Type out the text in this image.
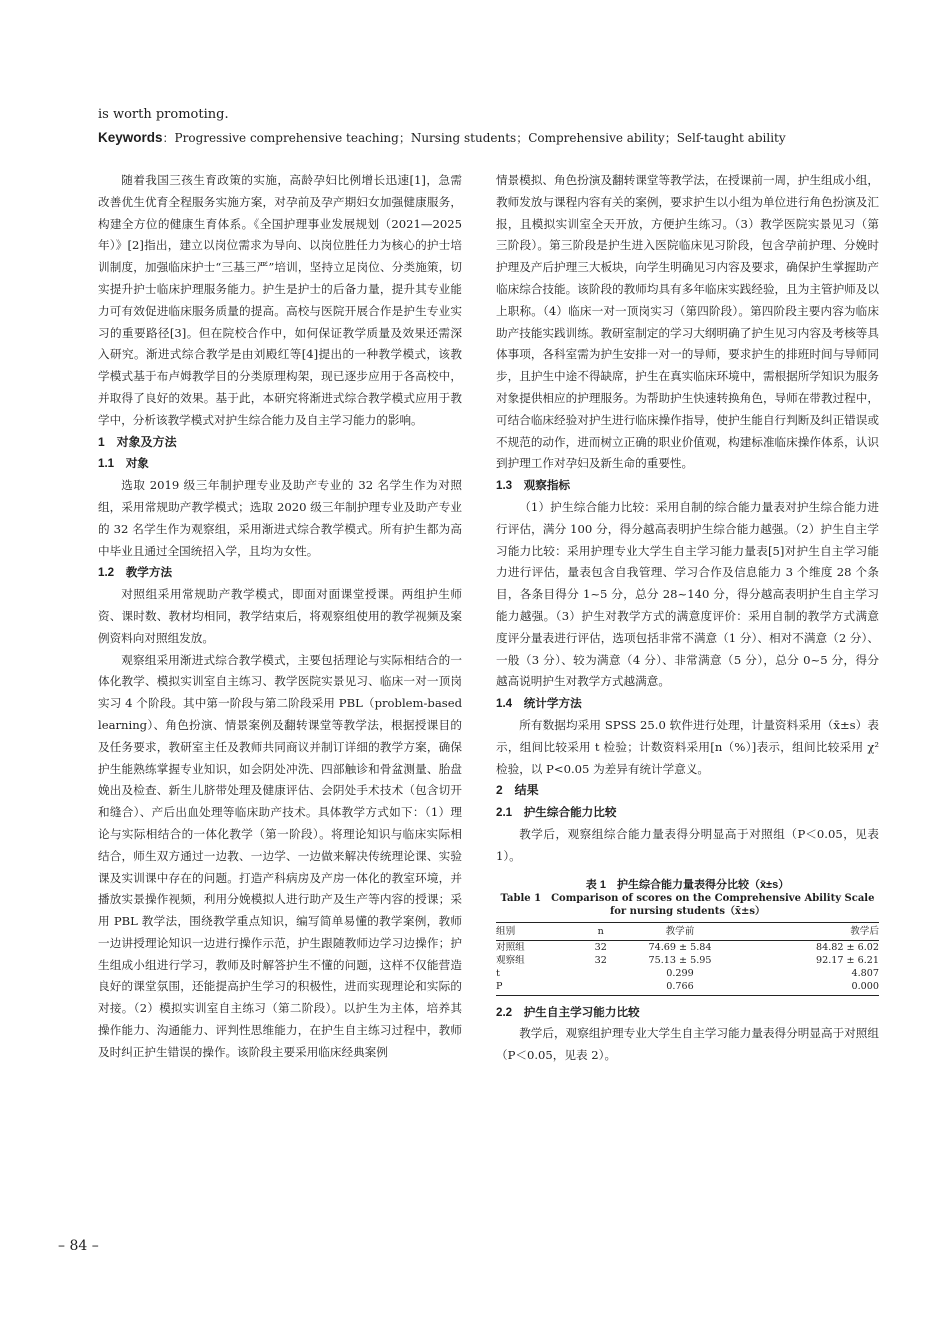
is worth promoting.
Keywords：Progressive comprehensive teaching；Nursing students；Comprehensive ability；Self-taught ability

随着我国三孩生育政策的实施，高龄孕妇比例增长迅速[1]，急需改善优生优育全程服务实施方案，对孕前及孕产期妇女加强健康服务，构建全方位的健康生育体系。《全国护理事业发展规划（2021—2025 年）》[2]指出，建立以岗位需求为导向、以岗位胜任力为核心的护士培训制度，加强临床护士“三基三严”培训，坚持立足岗位、分类施策，切实提升护士临床护理服务能力。护生是护士的后备力量，提升其专业能力可有效促进临床服务质量的提高。高校与医院开展合作是护生专业实习的重要路径[3]。但在院校合作中，如何保证教学质量及效果还需深入研究。渐进式综合教学是由刘殿红等[4]提出的一种教学模式，该教学模式基于布卢姆教学目的分类原理构架，现已逐步应用于各高校中，并取得了良好的效果。基于此，本研究将渐进式综合教学模式应用于教学中，分析该教学模式对护生综合能力及自主学习能力的影响。

1　对象及方法

1.1　对象

选取 2019 级三年制护理专业及助产专业的 32 名学生作为对照组，采用常规助产教学模式；选取 2020 级三年制护理专业及助产专业的 32 名学生作为观察组，采用渐进式综合教学模式。所有护生都为高中毕业且通过全国统招入学，且均为女性。

1.2　教学方法

对照组采用常规助产教学模式，即面对面课堂授课。两组护生师资、课时数、教材均相同，教学结束后，将观察组使用的教学视频及案例资料向对照组发放。

观察组采用渐进式综合教学模式，主要包括理论与实际相结合的一体化教学、模拟实训室自主练习、教学医院实景见习、临床一对一顶岗实习 4 个阶段。其中第一阶段与第二阶段采用 PBL（problem-based learning）、角色扮演、情景案例及翻转课堂等教学法，根据授课目的及任务要求，教研室主任及教师共同商议并制订详细的教学方案，确保护生能熟练掌握专业知识，如会阴处冲洗、四部触诊和骨盆测量、胎盘娩出及检查、新生儿脐带处理及健康评估、会阴处手术技术（包含切开和缝合）、产后出血处理等临床助产技术。具体教学方式如下：（1）理论与实际相结合的一体化教学（第一阶段）。将理论知识与临床实际相结合，师生双方通过一边教、一边学、一边做来解决传统理论课、实验课及实训课中存在的问题。打造产科病房及产房一体化的教室环境，并播放实景操作视频，利用分娩模拟人进行助产及生产等内容的授课；采用 PBL 教学法，围绕教学重点知识，编写简单易懂的教学案例，教师一边讲授理论知识一边进行操作示范，护生跟随教师边学习边操作；护生组成小组进行学习，教师及时解答护生不懂的问题，这样不仅能营造良好的课堂氛围，还能提高护生学习的积极性，进而实现理论和实际的对接。（2）模拟实训室自主练习（第二阶段）。以护生为主体，培养其操作能力、沟通能力、评判性思维能力，在护生自主练习过程中，教师及时纠正护生错误的操作。该阶段主要采用临床经典案例

情景模拟、角色扮演及翻转课堂等教学法，在授课前一周，护生组成小组，教师发放与课程内容有关的案例，要求护生以小组为单位进行角色扮演及汇报，且模拟实训室全天开放，方便护生练习。（3）教学医院实景见习（第三阶段）。第三阶段是护生进入医院临床见习阶段，包含孕前护理、分娩时护理及产后护理三大板块，向学生明确见习内容及要求，确保护生掌握助产临床综合技能。该阶段的教师均具有多年临床实践经验，且为主管护师及以上职称。（4）临床一对一顶岗实习（第四阶段）。第四阶段主要内容为临床助产技能实践训练。教研室制定的学习大纲明确了护生见习内容及考核等具体事项，各科室需为护生安排一对一的导师，要求护生的排班时间与导师同步，且护生中途不得缺席，护生在真实临床环境中，需根据所学知识为服务对象提供相应的护理服务。为帮助护生快速转换角色，导师在带教过程中，可结合临床经验对护生进行临床操作指导，使护生能自行判断及纠正错误或不规范的动作，进而树立正确的职业价值观，构建标准临床操作体系，认识到护理工作对孕妇及新生命的重要性。

1.3　观察指标

（1）护生综合能力比较：采用自制的综合能力量表对护生综合能力进行评估，满分 100 分，得分越高表明护生综合能力越强。（2）护生自主学习能力比较：采用护理专业大学生自主学习能力量表[5]对护生自主学习能力进行评估，量表包含自我管理、学习合作及信息能力 3 个维度 28 个条目，各条目得分 1~5 分，总分 28~140 分，得分越高表明护生自主学习能力越强。（3）护生对教学方式的满意度评价：采用自制的教学方式满意度评分量表进行评估，选项包括非常不满意（1 分）、相对不满意（2 分）、一般（3 分）、较为满意（4 分）、非常满意（5 分），总分 0~5 分，得分越高说明护生对教学方式越满意。

1.4　统计学方法

所有数据均采用 SPSS 25.0 软件进行处理，计量资料采用（x̄±s）表示，组间比较采用 t 检验；计数资料采用[n（%）]表示，组间比较采用 χ² 检验，以 P<0.05 为差异有统计学意义。

2　结果

2.1　护生综合能力比较

教学后，观察组综合能力量表得分明显高于对照组（P＜0.05，见表 1）。

表 1　护生综合能力量表得分比较（x̄±s）
Table 1　Comparison of scores on the Comprehensive Ability Scale for nursing students（x̄±s）
组别	n	教学前	教学后
对照组	32	74.69 ± 5.84	84.82 ± 6.02
观察组	32	75.13 ± 5.95	92.17 ± 6.21
t		0.299	4.807
P		0.766	0.000

2.2　护生自主学习能力比较

教学后，观察组护理专业大学生自主学习能力量表得分明显高于对照组（P＜0.05，见表 2）。

– 84 –
